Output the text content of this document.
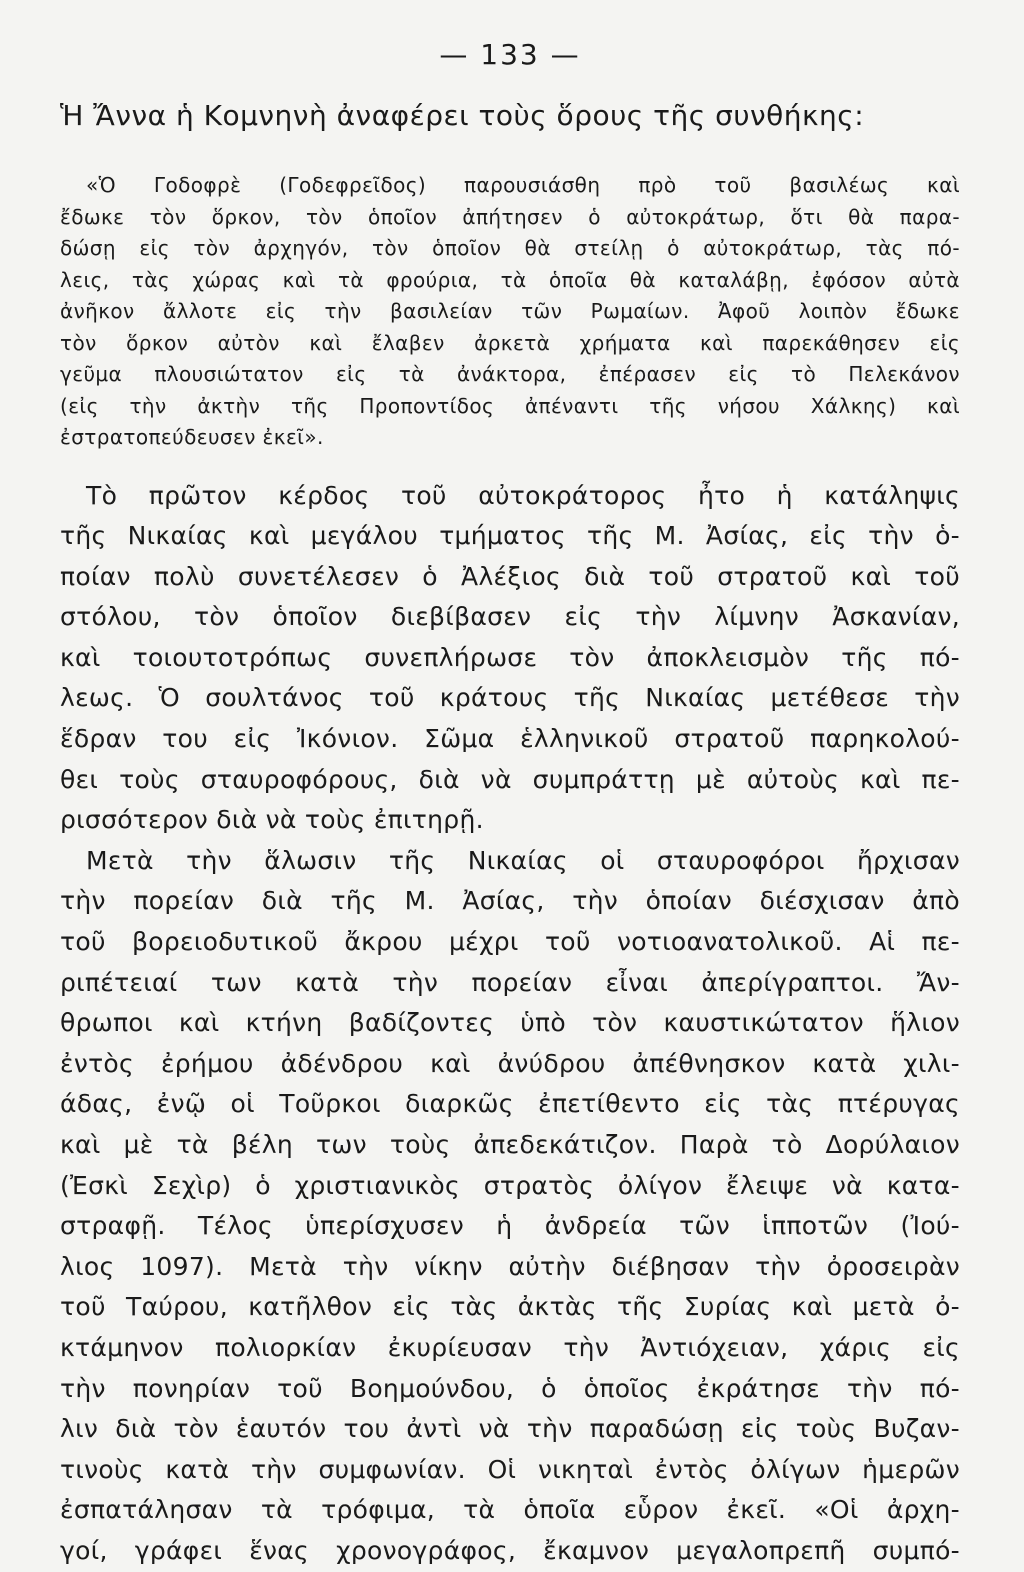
— 133 —
Ἡ Ἄννα ἡ Κομνηνὴ ἀναφέρει τοὺς ὅρους τῆς συνθήκης:
«Ὁ Γοδοφρὲ (Γοδεφρεῖδος) παρουσιάσθη πρὸ τοῦ βασιλέως καὶ
ἔδωκε τὸν ὅρκον, τὸν ὁποῖον ἀπήτησεν ὁ αὐτοκράτωρ, ὅτι θὰ παρα-
δώσῃ εἰς τὸν ἀρχηγόν, τὸν ὁποῖον θὰ στείλῃ ὁ αὐτοκράτωρ, τὰς πό-
λεις, τὰς χώρας καὶ τὰ φρούρια, τὰ ὁποῖα θὰ καταλάβῃ, ἐφόσον αὐτὰ
ἀνῆκον ἄλλοτε εἰς τὴν βασιλείαν τῶν Ρωμαίων. Ἀφοῦ λοιπὸν ἔδωκε
τὸν ὅρκον αὐτὸν καὶ ἔλαβεν ἀρκετὰ χρήματα καὶ παρεκάθησεν εἰς
γεῦμα πλουσιώτατον εἰς τὰ ἀνάκτορα, ἐπέρασεν εἰς τὸ Πελεκάνον
(εἰς τὴν ἀκτὴν τῆς Προποντίδος ἀπέναντι τῆς νήσου Χάλκης) καὶ
ἐστρατοπεύδευσεν ἐκεῖ».
Τὸ πρῶτον κέρδος τοῦ αὐτοκράτορος ἦτο ἡ κατάληψις
τῆς Νικαίας καὶ μεγάλου τμήματος τῆς Μ. Ἀσίας, εἰς τὴν ὁ-
ποίαν πολὺ συνετέλεσεν ὁ Ἀλέξιος διὰ τοῦ στρατοῦ καὶ τοῦ
στόλου, τὸν ὁποῖον διεβίβασεν εἰς τὴν λίμνην Ἀσκανίαν,
καὶ τοιουτοτρόπως συνεπλήρωσε τὸν ἀποκλεισμὸν τῆς πό-
λεως. Ὁ σουλτάνος τοῦ κράτους τῆς Νικαίας μετέθεσε τὴν
ἕδραν του εἰς Ἰκόνιον. Σῶμα ἑλληνικοῦ στρατοῦ παρηκολού-
θει τοὺς σταυροφόρους, διὰ νὰ συμπράττῃ μὲ αὐτοὺς καὶ πε-
ρισσότερον διὰ νὰ τοὺς ἐπιτηρῇ.
Μετὰ τὴν ἅλωσιν τῆς Νικαίας οἱ σταυροφόροι ἤρχισαν
τὴν πορείαν διὰ τῆς Μ. Ἀσίας, τὴν ὁποίαν διέσχισαν ἀπὸ
τοῦ βορειοδυτικοῦ ἄκρου μέχρι τοῦ νοτιοανατολικοῦ. Αἱ πε-
ριπέτειαί των κατὰ τὴν πορείαν εἶναι ἀπερίγραπτοι. Ἄν-
θρωποι καὶ κτήνη βαδίζοντες ὑπὸ τὸν καυστικώτατον ἥλιον
ἐντὸς ἐρήμου ἀδένδρου καὶ ἀνύδρου ἀπέθνησκον κατὰ χιλι-
άδας, ἐνῷ οἱ Τοῦρκοι διαρκῶς ἐπετίθεντο εἰς τὰς πτέρυγας
καὶ μὲ τὰ βέλη των τοὺς ἀπεδεκάτιζον. Παρὰ τὸ Δορύλαιον
(Ἐσκὶ Σεχὶρ) ὁ χριστιανικὸς στρατὸς ὀλίγον ἔλειψε νὰ κατα-
στραφῇ. Τέλος ὑπερίσχυσεν ἡ ἀνδρεία τῶν ἱπποτῶν (Ἰού-
λιος 1097). Μετὰ τὴν νίκην αὐτὴν διέβησαν τὴν ὀροσειρὰν
τοῦ Ταύρου, κατῆλθον εἰς τὰς ἀκτὰς τῆς Συρίας καὶ μετὰ ὀ-
κτάμηνον πολιορκίαν ἐκυρίευσαν τὴν Ἀντιόχειαν, χάρις εἰς
τὴν πονηρίαν τοῦ Βοημούνδου, ὁ ὁποῖος ἐκράτησε τὴν πό-
λιν διὰ τὸν ἑαυτόν του ἀντὶ νὰ τὴν παραδώσῃ εἰς τοὺς Βυζαν-
τινοὺς κατὰ τὴν συμφωνίαν. Οἱ νικηταὶ ἐντὸς ὀλίγων ἡμερῶν
ἐσπατάλησαν τὰ τρόφιμα, τὰ ὁποῖα εὗρον ἐκεῖ. «Οἱ ἀρχη-
γοί, γράφει ἕνας χρονογράφος, ἔκαμνον μεγαλοπρεπῆ συμπό-
